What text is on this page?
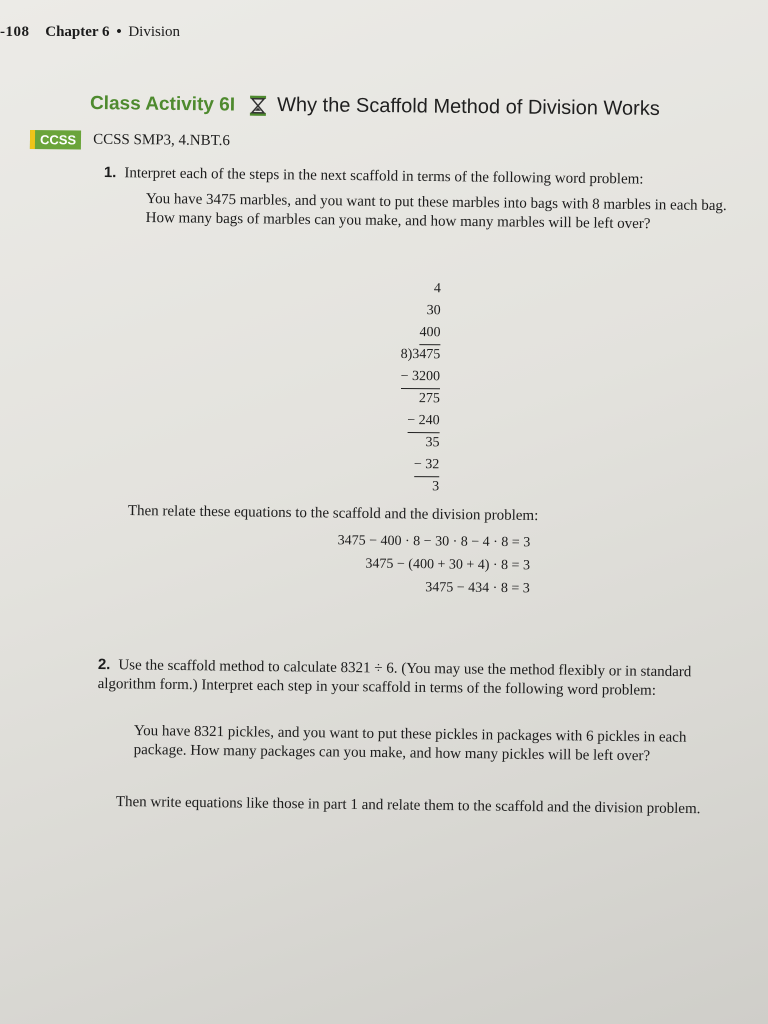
-108 Chapter 6 • Division
Class Activity 6I Why the Scaffold Method of Division Works
CCSS	CCSS SMP3, 4.NBT.6
1. Interpret each of the steps in the next scaffold in terms of the following word problem:
You have 3475 marbles, and you want to put these marbles into bags with 8 marbles in each bag. How many bags of marbles can you make, and how many marbles will be left over?
4
30
400
8)3475
− 3200
275
− 240
35
− 32
3
Then relate these equations to the scaffold and the division problem:
3475 − 400 · 8 − 30 · 8 − 4 · 8 = 3
3475 − (400 + 30 + 4) · 8 = 3
3475 − 434 · 8 = 3
2. Use the scaffold method to calculate 8321 ÷ 6. (You may use the method flexibly or in standard algorithm form.) Interpret each step in your scaffold in terms of the following word problem:
You have 8321 pickles, and you want to put these pickles in packages with 6 pickles in each package. How many packages can you make, and how many pickles will be left over?
Then write equations like those in part 1 and relate them to the scaffold and the division problem.
